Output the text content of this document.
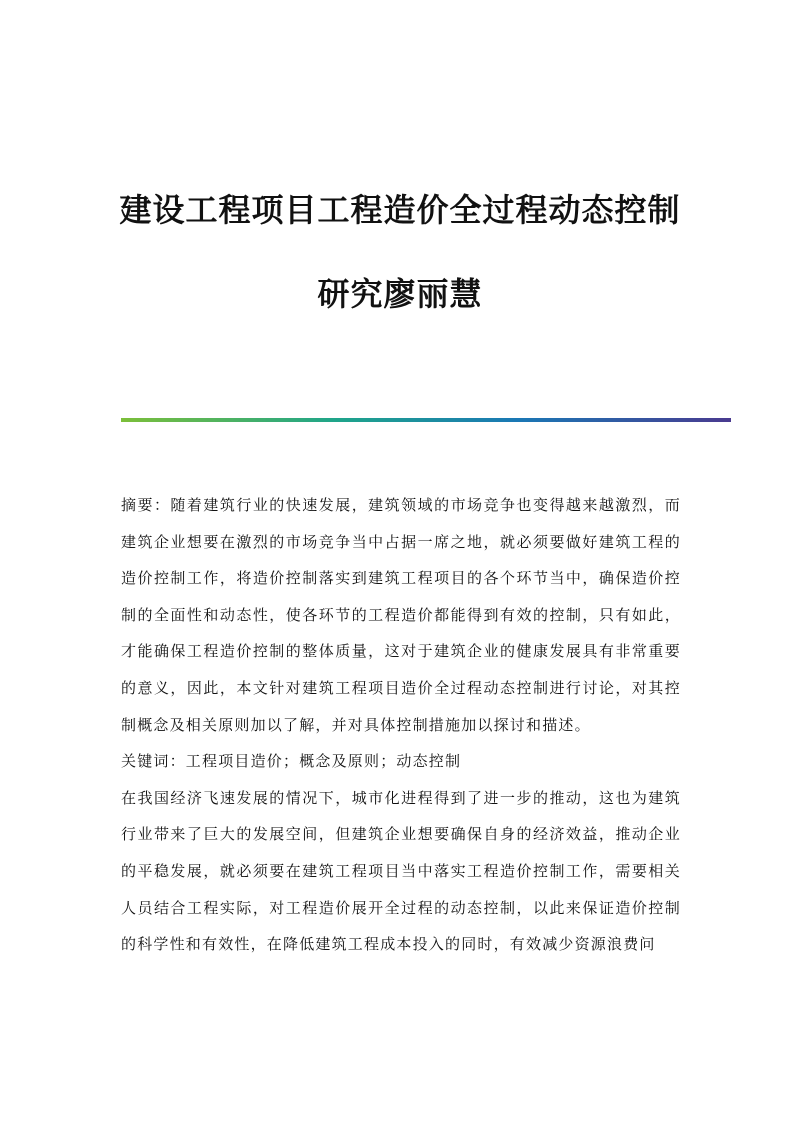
建设工程项目工程造价全过程动态控制
研究廖丽慧

摘要：随着建筑行业的快速发展，建筑领域的市场竞争也变得越来越激烈，而建筑企业想要在激烈的市场竞争当中占据一席之地，就必须要做好建筑工程的造价控制工作，将造价控制落实到建筑工程项目的各个环节当中，确保造价控制的全面性和动态性，使各环节的工程造价都能得到有效的控制，只有如此，才能确保工程造价控制的整体质量，这对于建筑企业的健康发展具有非常重要的意义，因此，本文针对建筑工程项目造价全过程动态控制进行讨论，对其控制概念及相关原则加以了解，并对具体控制措施加以探讨和描述。

关键词：工程项目造价；概念及原则；动态控制

在我国经济飞速发展的情况下，城市化进程得到了进一步的推动，这也为建筑行业带来了巨大的发展空间，但建筑企业想要确保自身的经济效益，推动企业的平稳发展，就必须要在建筑工程项目当中落实工程造价控制工作，需要相关人员结合工程实际，对工程造价展开全过程的动态控制，以此来保证造价控制的科学性和有效性，在降低建筑工程成本投入的同时，有效减少资源浪费问
